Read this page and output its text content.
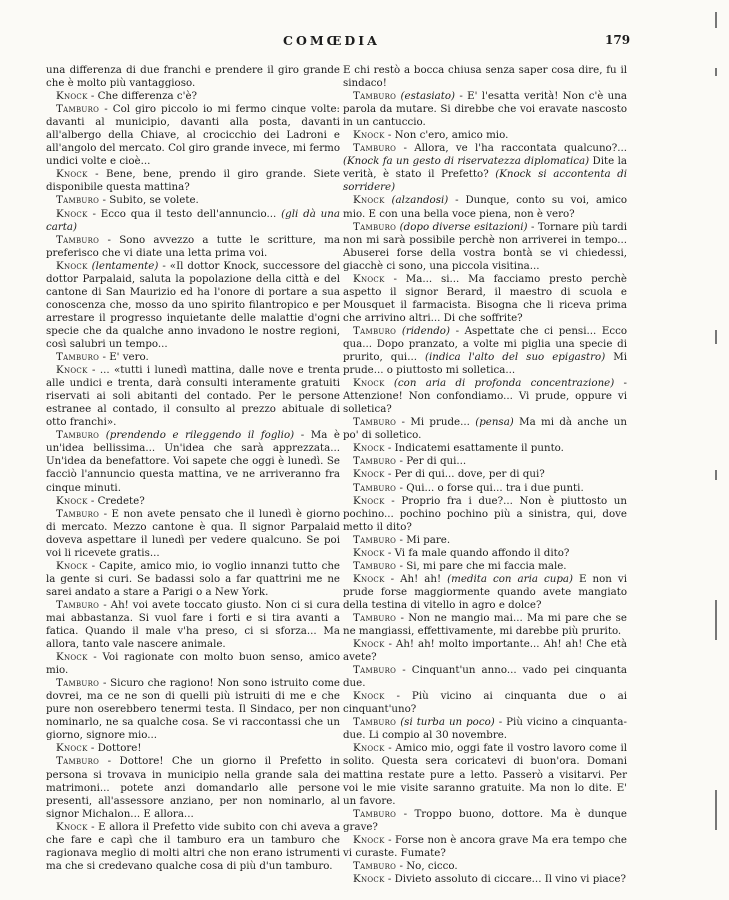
COMŒDIA	179

una differenza di due franchi e prendere il giro grande che è molto più vantaggioso.

Knock - Che differenza c'è?

Tamburo - Col giro piccolo io mi fermo cinque volte: davanti al municipio, davanti alla posta, davanti all'albergo della Chiave, al crocicchio dei Ladroni e all'angolo del mercato. Col giro grande invece, mi fermo undici volte e cioè...

Knock - Bene, bene, prendo il giro grande. Siete disponibile questa mattina?

Tamburo - Subito, se volete.

Knock - Ecco qua il testo dell'annuncio... (gli dà una carta)

Tamburo - Sono avvezzo a tutte le scritture, ma preferisco che vi diate una letta prima voi.

Knock (lentamente) - «Il dottor Knock, successore del dottor Parpalaid, saluta la popolazione della città e del cantone di San Maurizio ed ha l'onore di portare a sua conoscenza che, mosso da uno spirito filantropico e per arrestare il progresso inquietante delle malattie d'ogni specie che da qualche anno invadono le nostre regioni, così salubri un tempo...

Tamburo - E' vero.

Knock - ... «tutti i lunedì mattina, dalle nove e trenta alle undici e trenta, darà consulti interamente gratuiti riservati ai soli abitanti del contado. Per le persone estranee al contado, il consulto al prezzo abituale di otto franchi».

Tamburo (prendendo e rileggendo il foglio) - Ma è un'idea bellissima... Un'idea che sarà apprezzata... Un'idea da benefattore. Voi sapete che oggi è lunedì. Se facciò l'annuncio questa mattina, ve ne arriveranno fra cinque minuti.

Knock - Credete?

Tamburo - E non avete pensato che il lunedì è giorno di mercato. Mezzo cantone è qua. Il signor Parpalaid doveva aspettare il lunedì per vedere qualcuno. Se poi voi li ricevete gratis...

Knock - Capite, amico mio, io voglio innanzi tutto che la gente si curi. Se badassi solo a far quattrini me ne sarei andato a stare a Parigi o a New York.

Tamburo - Ah! voi avete toccato giusto. Non ci si cura mai abbastanza. Si vuol fare i forti e si tira avanti a fatica. Quando il male v'ha preso, ci si sforza... Ma allora, tanto vale nascere animale.

Knock - Voi ragionate con molto buon senso, amico mio.

Tamburo - Sicuro che ragiono! Non sono istruito come dovrei, ma ce ne son di quelli più istruiti di me e che pure non oserebbero tenermi testa. Il Sindaco, per non nominarlo, ne sa qualche cosa. Se vi raccontassi che un giorno, signore mio...

Knock - Dottore!

Tamburo - Dottore! Che un giorno il Prefetto in persona si trovava in municipio nella grande sala dei matrimoni... potete anzi domandarlo alle persone presenti, all'assessore anziano, per non nominarlo, al signor Michalon... E allora...

Knock - E allora il Prefetto vide subito con chi aveva a che fare e capì che il tamburo era un tamburo che ragionava meglio di molti altri che non erano istrumenti ma che si credevano qualche cosa di più d'un tamburo.

E chi restò a bocca chiusa senza saper cosa dire, fu il sindaco!

Tamburo (estasiato) - E' l'esatta verità! Non c'è una parola da mutare. Si direbbe che voi eravate nascosto in un cantuccio.

Knock - Non c'ero, amico mio.

Tamburo - Allora, ve l'ha raccontata qualcuno?... (Knock fa un gesto di riservatezza diplomatica) Dite la verità, è stato il Prefetto? (Knock si accontenta di sorridere)

Knock (alzandosi) - Dunque, conto su voi, amico mio. E con una bella voce piena, non è vero?

Tamburo (dopo diverse esitazioni) - Tornare più tardi non mi sarà possibile perchè non arriverei in tempo... Abuserei forse della vostra bontà se vi chiedessi, giacchè ci sono, una piccola visitina...

Knock - Ma... si... Ma facciamo presto perchè aspetto il signor Berard, il maestro di scuola e Mousquet il farmacista. Bisogna che li riceva prima che arrivino altri... Di che soffrite?

Tamburo (ridendo) - Aspettate che ci pensi... Ecco qua... Dopo pranzato, a volte mi piglia una specie di prurito, qui... (indica l'alto del suo epigastro) Mi prude... o piuttosto mi solletica...

Knock (con aria di profonda concentrazione) - Attenzione! Non confondiamo... Vi prude, oppure vi solletica?

Tamburo - Mi prude... (pensa) Ma mi dà anche un po' di solletico.

Knock - Indicatemi esattamente il punto.

Tamburo - Per di qui...

Knock - Per di qui... dove, per di qui?

Tamburo - Qui... o forse qui... tra i due punti.

Knock - Proprio fra i due?... Non è piuttosto un pochino... pochino pochino più a sinistra, qui, dove metto il dito?

Tamburo - Mi pare.

Knock - Vi fa male quando affondo il dito?

Tamburo - Si, mi pare che mi faccia male.

Knock - Ah! ah! (medita con aria cupa) E non vi prude forse maggiormente quando avete mangiato della testina di vitello in agro e dolce?

Tamburo - Non ne mangio mai... Ma mi pare che se ne mangiassi, effettivamente, mi darebbe più prurito.

Knock - Ah! ah! molto importante... Ah! ah! Che età avete?

Tamburo - Cinquant'un anno... vado pei cinquanta due.

Knock - Più vicino ai cinquanta due o ai cinquant'uno?

Tamburo (si turba un poco) - Più vicino a cinquanta-due. Li compio al 30 novembre.

Knock - Amico mio, oggi fate il vostro lavoro come il solito. Questa sera coricatevi di buon'ora. Domani mattina restate pure a letto. Passerò a visitarvi. Per voi le mie visite saranno gratuite. Ma non lo dite. E' un favore.

Tamburo - Troppo buono, dottore. Ma è dunque grave?

Knock - Forse non è ancora grave Ma era tempo che vi curaste. Fumate?

Tamburo - No, cicco.

Knock - Divieto assoluto di ciccare... Il vino vi piace?
